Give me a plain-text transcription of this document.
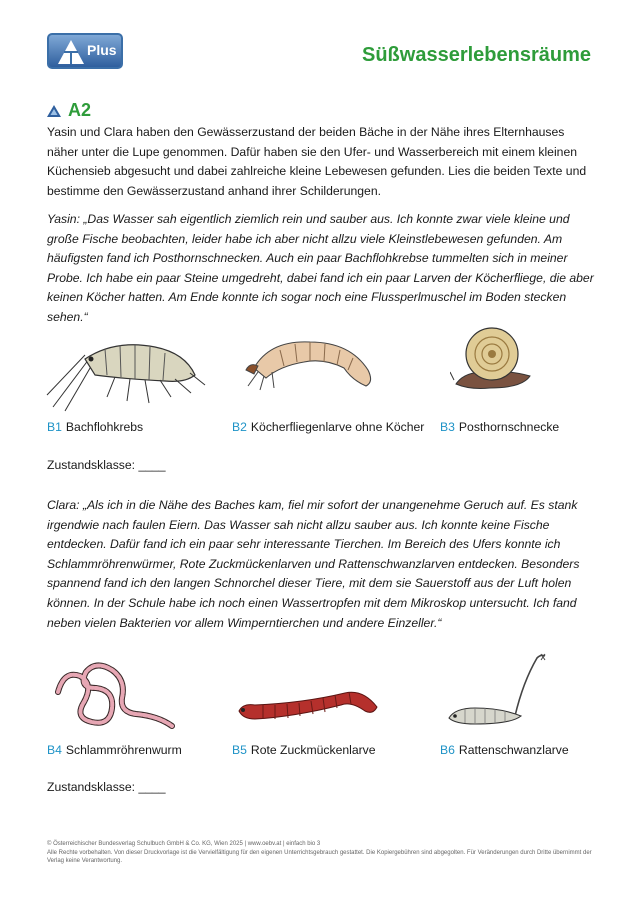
Plus	Süßwasserlebensräume
A2

Yasin und Clara haben den Gewässerzustand der beiden Bäche in der Nähe ihres Elternhauses näher unter die Lupe genommen. Dafür haben sie den Ufer- und Wasserbereich mit einem kleinen Küchensieb abgesucht und dabei zahlreiche kleine Lebewesen gefunden. Lies die beiden Texte und bestimme den Gewässerzustand anhand ihrer Schilderungen.

Yasin: „Das Wasser sah eigentlich ziemlich rein und sauber aus. Ich konnte zwar viele kleine und große Fische beobachten, leider habe ich aber nicht allzu viele Kleinstlebewesen gefunden. Am häufigsten fand ich Posthornschnecken. Auch ein paar Bachflohkrebse tummelten sich in meiner Probe. Ich habe ein paar Steine umgedreht, dabei fand ich ein paar Larven der Köcherfliege, die aber keinen Köcher hatten. Am Ende konnte ich sogar noch eine Flussperlmuschel im Boden stecken sehen.“

B1 Bachflohkrebs	B2 Köcherfliegenlarve ohne Köcher B3 Posthornschnecke
Zustandsklasse: ____

Clara: „Als ich in die Nähe des Baches kam, fiel mir sofort der unangenehme Geruch auf. Es stank irgendwie nach faulen Eiern. Das Wasser sah nicht allzu sauber aus. Ich konnte keine Fische entdecken. Dafür fand ich ein paar sehr interessante Tierchen. Im Bereich des Ufers konnte ich Schlammröhrenwürmer, Rote Zuckmückenlarven und Rattenschwanzlarven entdecken. Besonders spannend fand ich den langen Schnorchel dieser Tiere, mit dem sie Sauerstoff aus der Luft holen können. In der Schule habe ich noch einen Wassertropfen mit dem Mikroskop untersucht. Ich fand neben vielen Bakterien vor allem Wimperntierchen und andere Einzeller.“

B4 Schlammröhrenwurm	B5 Rote Zuckmückenlarve	B6 Rattenschwanzlarve
Zustandsklasse: ____
© Österreichischer Bundesverlag Schulbuch GmbH & Co. KG, Wien 2025 | www.oebv.at | einfach bio 3
Alle Rechte vorbehalten. Von dieser Druckvorlage ist die Vervielfältigung für den eigenen Unterrichtsgebrauch gestattet. Die Kopiergebühren sind abgegolten. Für Veränderungen durch Dritte übernimmt der Verlag keine Verantwortung.
